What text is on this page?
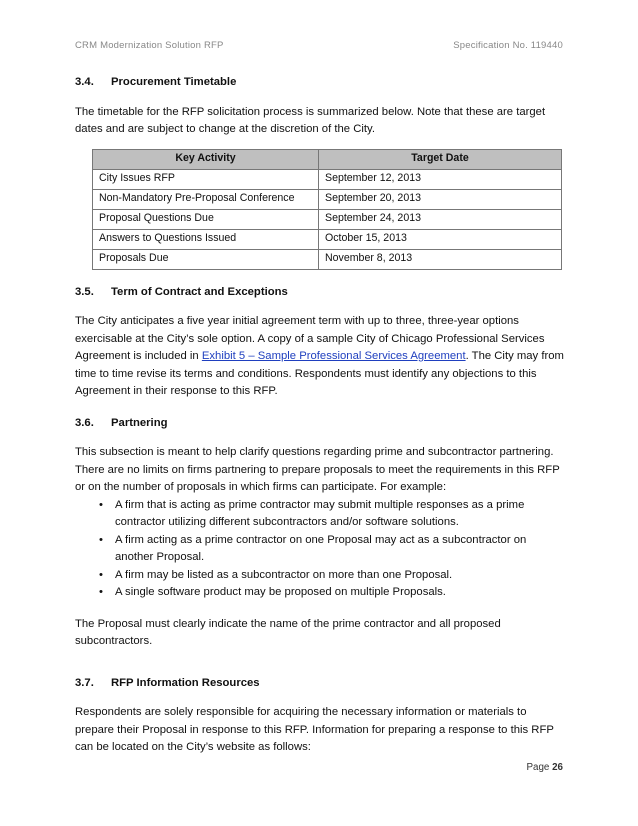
CRM Modernization Solution RFP	Specification No. 119440
3.4.	Procurement Timetable

The timetable for the RFP solicitation process is summarized below. Note that these are target dates and are subject to change at the discretion of the City.

Key Activity	Target Date
City Issues RFP	September 12, 2013
Non-Mandatory Pre-Proposal Conference	September 20, 2013
Proposal Questions Due	September 24, 2013
Answers to Questions Issued	October 15, 2013
Proposals Due	November 8, 2013
3.5.	Term of Contract and Exceptions

The City anticipates a five year initial agreement term with up to three, three-year options exercisable at the City’s sole option. A copy of a sample City of Chicago Professional Services Agreement is included in Exhibit 5 – Sample Professional Services Agreement. The City may from time to time revise its terms and conditions. Respondents must identify any objections to this Agreement in their response to this RFP.

3.6.	Partnering

This subsection is meant to help clarify questions regarding prime and subcontractor partnering. There are no limits on firms partnering to prepare proposals to meet the requirements in this RFP or on the number of proposals in which firms can participate. For example:

• A firm that is acting as prime contractor may submit multiple responses as a prime contractor utilizing different subcontractors and/or software solutions.
• A firm acting as a prime contractor on one Proposal may act as a subcontractor on another Proposal.
• A firm may be listed as a subcontractor on more than one Proposal.
• A single software product may be proposed on multiple Proposals.

The Proposal must clearly indicate the name of the prime contractor and all proposed subcontractors.

3.7.	RFP Information Resources

Respondents are solely responsible for acquiring the necessary information or materials to prepare their Proposal in response to this RFP. Information for preparing a response to this RFP can be located on the City’s website as follows:

Page 26
